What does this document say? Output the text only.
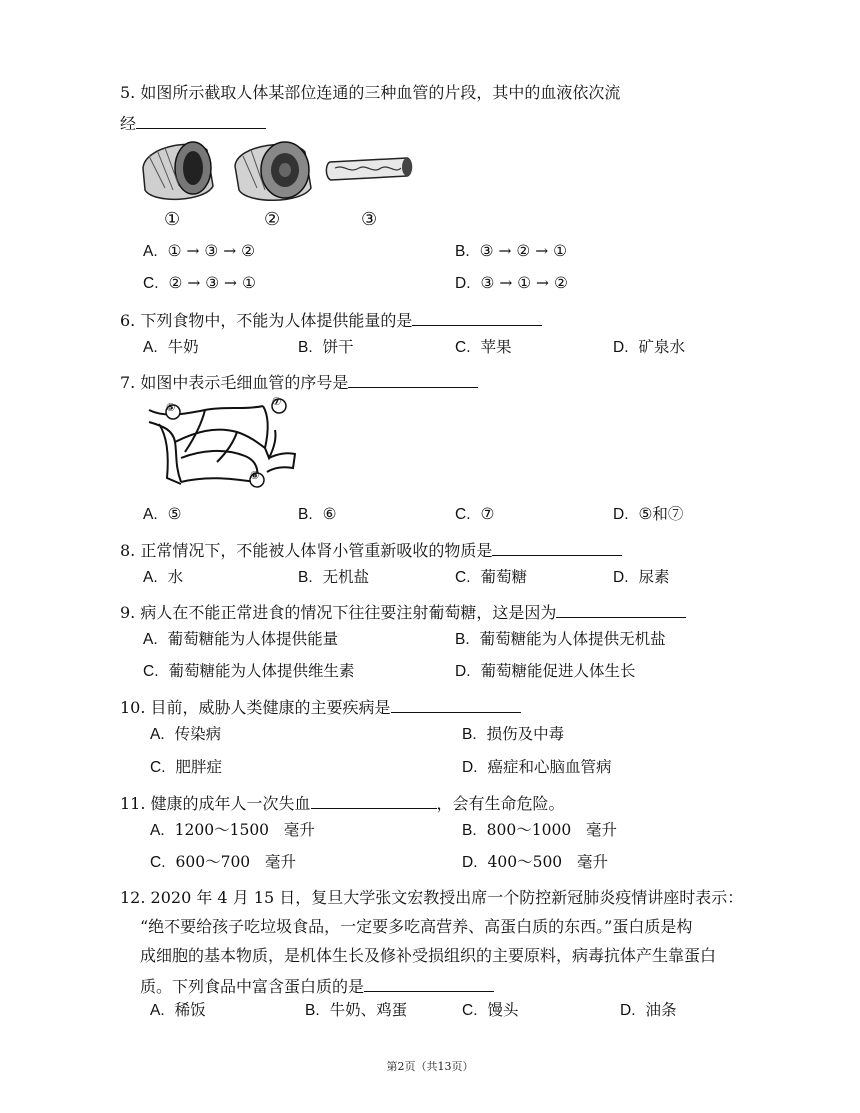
5. 如图所示截取人体某部位连通的三种血管的片段，其中的血液依次流
经
①	②	③
A. ① → ③ → ②	B. ③ → ② → ①
C. ② → ③ → ①	D. ③ → ① → ②
6. 下列食物中，不能为人体提供能量的是
A. 牛奶	B. 饼干	C. 苹果	D. 矿泉水
7. 如图中表示毛细血管的序号是
⑤	⑦
⑧
A. ⑤	B. ⑥	C. ⑦	D. ⑤和⑦
8. 正常情况下，不能被人体肾小管重新吸收的物质是
A. 水	B. 无机盐	C. 葡萄糖	D. 尿素
9. 病人在不能正常进食的情况下往往要注射葡萄糖，这是因为
A. 葡萄糖能为人体提供能量	B. 葡萄糖能为人体提供无机盐
C. 葡萄糖能为人体提供维生素	D. 葡萄糖能促进人体生长
10. 目前，威胁人类健康的主要疾病是
A. 传染病	B. 损伤及中毒
C. 肥胖症	D. 癌症和心脑血管病
11. 健康的成年人一次失血	，会有生命危险。
A. 1200～1500   毫升	B. 800～1000   毫升
C. 600～700   毫升	D. 400～500   毫升
12. 2020 年 4 月 15 日，复旦大学张文宏教授出席一个防控新冠肺炎疫情讲座时表示：
“绝不要给孩子吃垃圾食品，一定要多吃高营养、高蛋白质的东西。”蛋白质是构
成细胞的基本物质，是机体生长及修补受损组织的主要原料，病毒抗体产生靠蛋白
质。下列食品中富含蛋白质的是
A. 稀饭	B. 牛奶、鸡蛋	C. 馒头	D. 油条
第2页（共13页）
